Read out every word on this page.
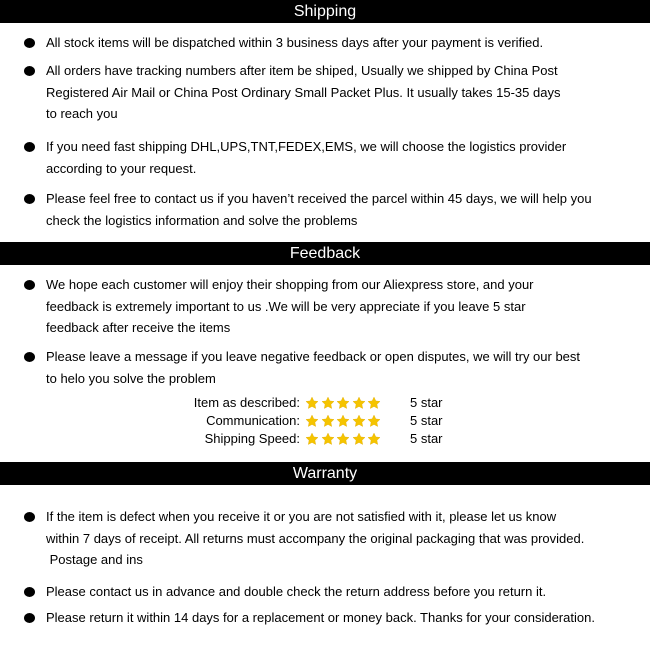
Shipping
All stock items will be dispatched within 3 business days after your payment is verified.
All orders have tracking numbers after item be shiped, Usually we shipped by China Post
Registered Air Mail or China Post Ordinary Small Packet Plus. It usually takes 15-35 days
to reach you
If you need fast shipping DHL,UPS,TNT,FEDEX,EMS, we will choose the logistics provider
according to your request.
Please feel free to contact us if you haven’t received the parcel within 45 days, we will help you
check the logistics information and solve the problems
Feedback
We hope each customer will enjoy their shopping from our Aliexpress store, and your
feedback is extremely important to us .We will be very appreciate if you leave 5 star
feedback after receive the items
Please leave a message if you leave negative feedback or open disputes, we will try our best
to helo you solve the problem
Item as described:	5 star
Communication:	5 star
Shipping Speed:	5 star
Warranty
If the item is defect when you receive it or you are not satisfied with it, please let us know
within 7 days of receipt. All returns must accompany the original packaging that was provided.
Postage and ins
Please contact us in advance and double check the return address before you return it.
Please return it within 14 days for a replacement or money back. Thanks for your consideration.
